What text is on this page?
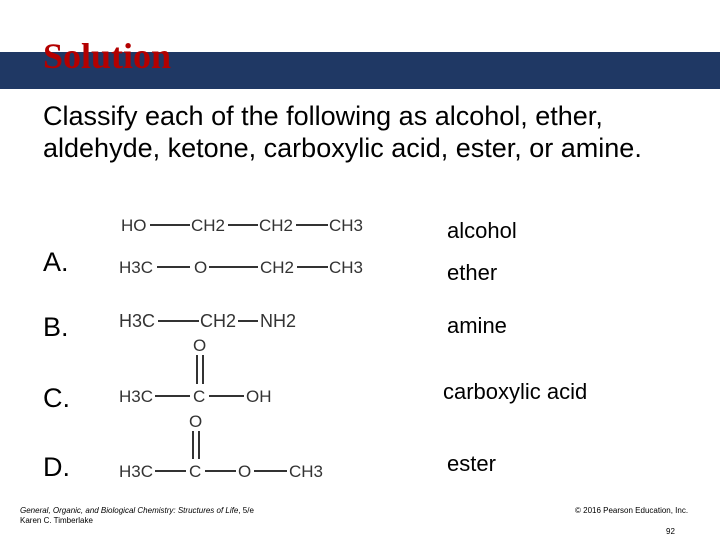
Solution
Classify each of the following as alcohol, ether, aldehyde, ketone, carboxylic acid, ester, or amine.
A.
B.
C.
D.
alcohol
ether
amine
carboxylic acid
ester
HO	CH2 CH2 CH3
H3C O	CH2 CH3
H3C CH2 NH2
O
H3C C OH
O
H3C C O CH3
General, Organic, and Biological Chemistry: Structures of Life, 5/e
Karen C. Timberlake
© 2016 Pearson Education, Inc.
92
